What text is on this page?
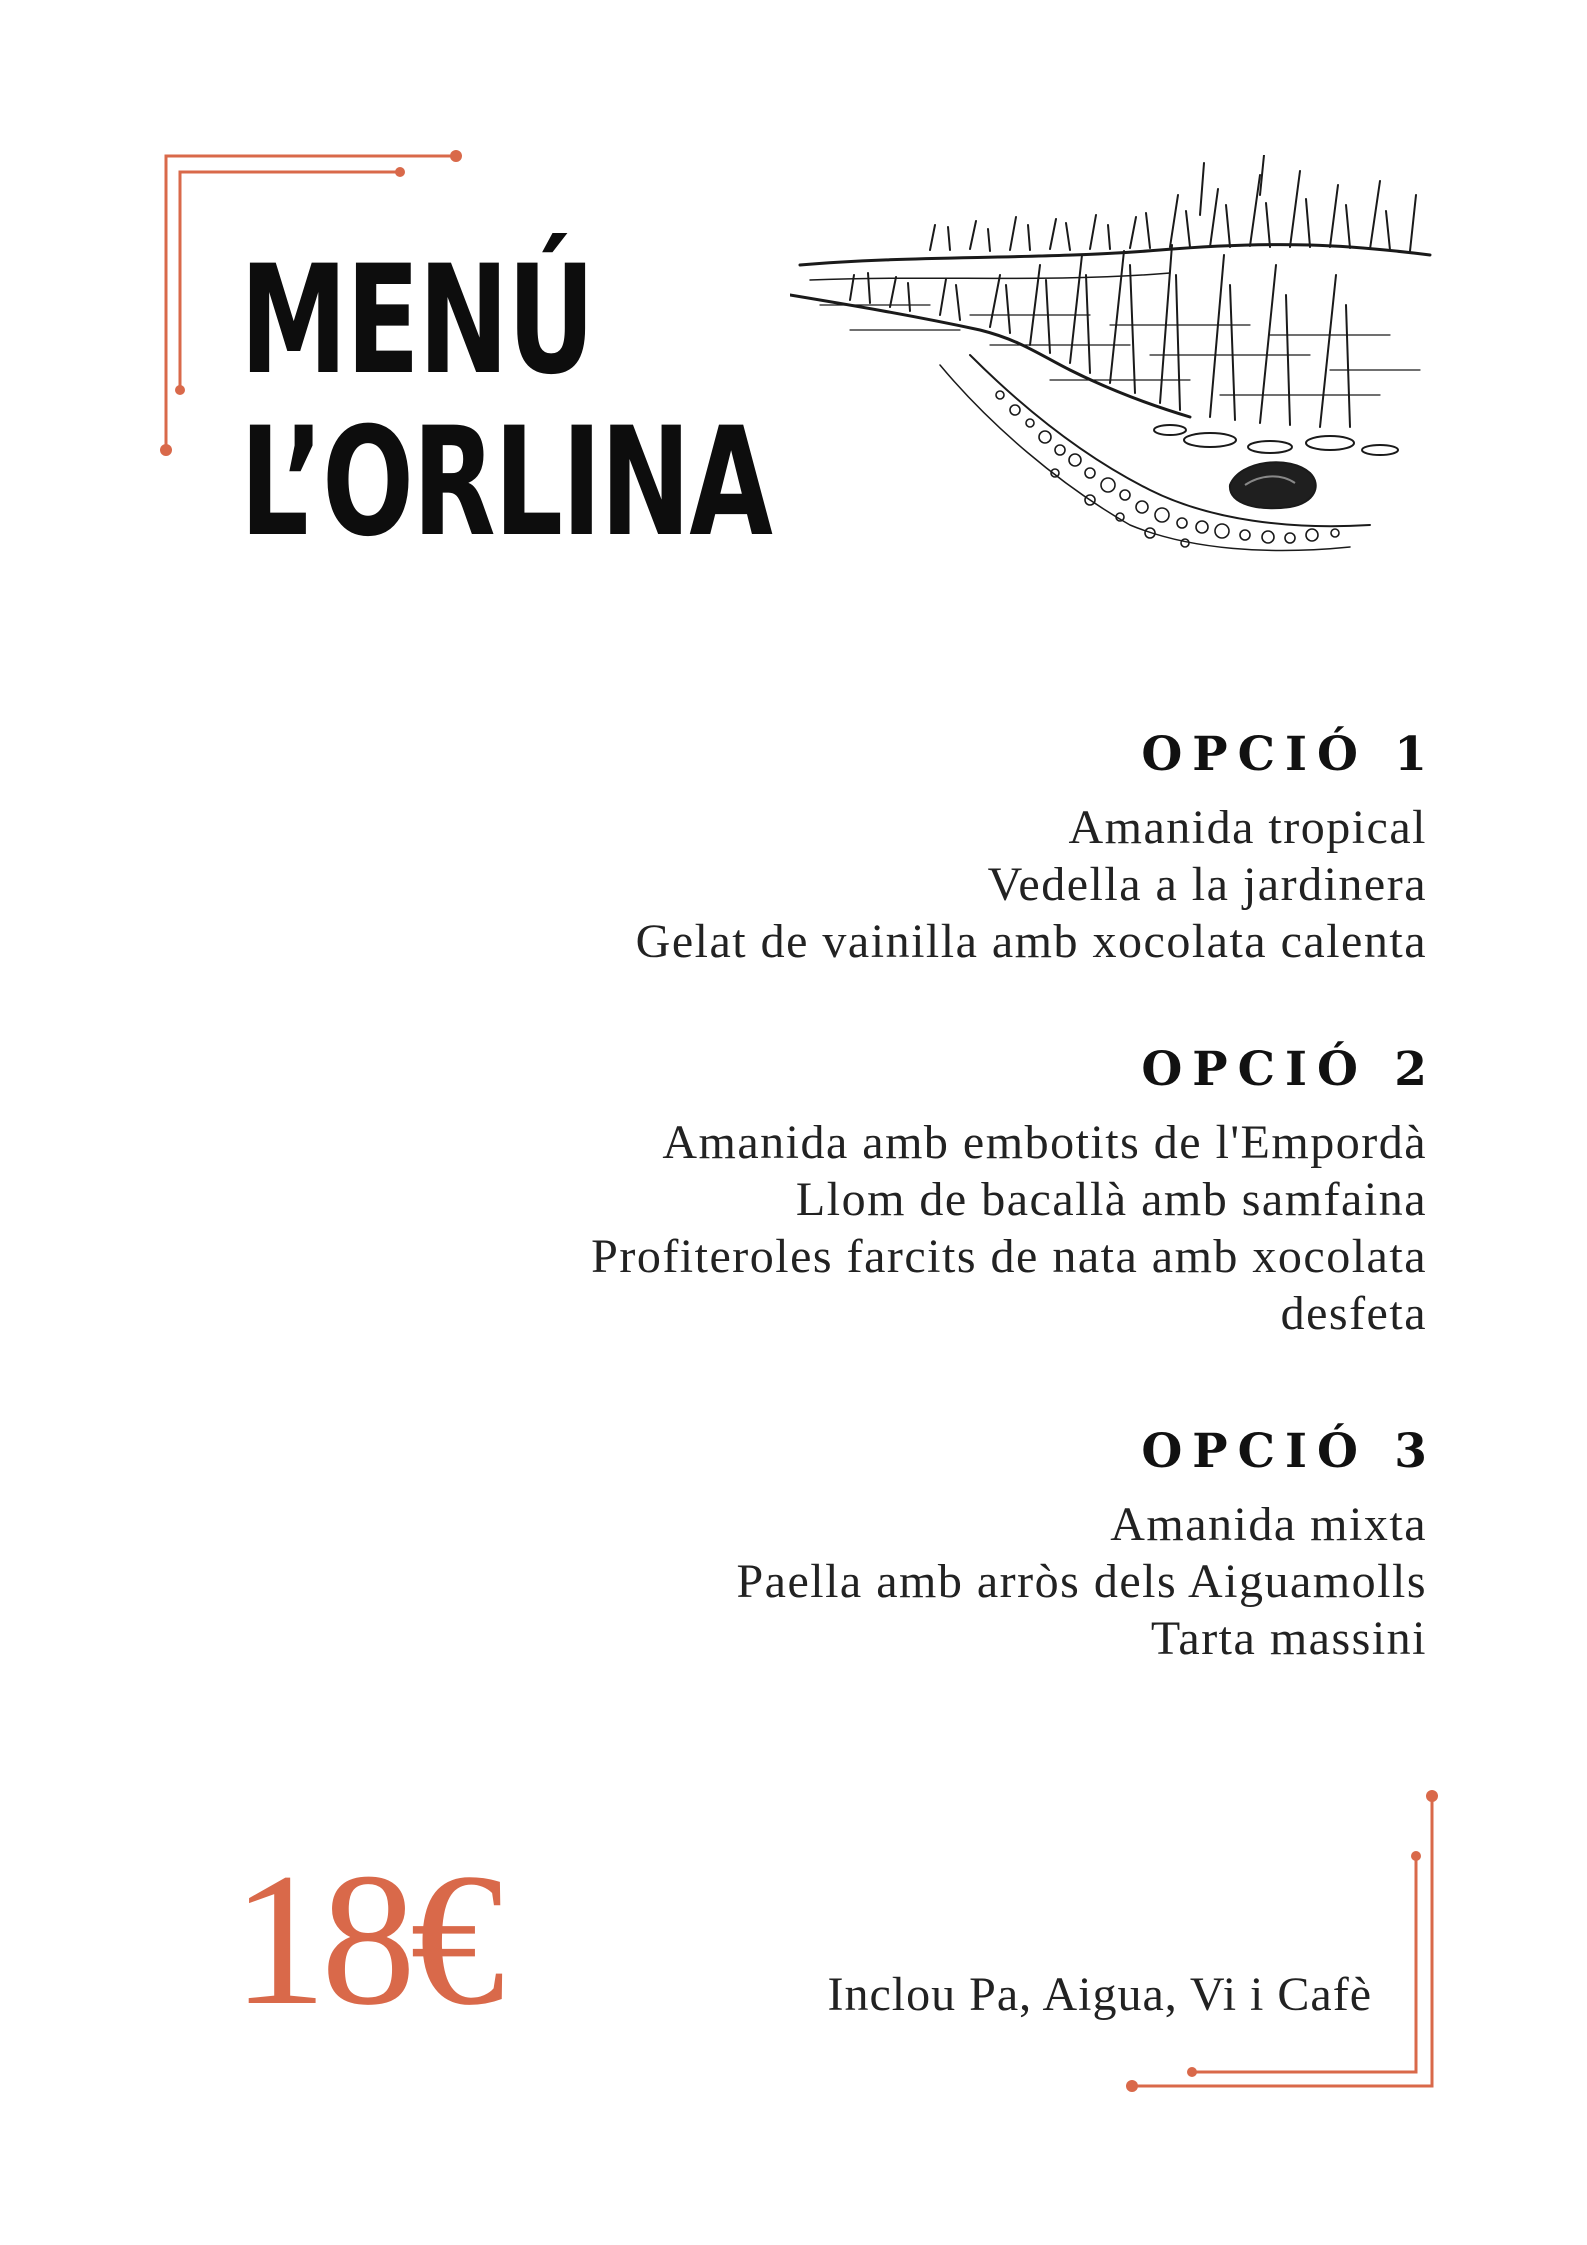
MENÚ
L’ORLINA
OPCIÓ 1
Amanida tropical
Vedella a la jardinera
Gelat de vainilla amb xocolata calenta
OPCIÓ 2
Amanida amb embotits de l'Empordà
Llom de bacallà amb samfaina
Profiteroles farcits de nata amb xocolata
desfeta
OPCIÓ 3
Amanida mixta
Paella amb arròs dels Aiguamolls
Tarta massini
18€	Inclou Pa, Aigua, Vi i Cafè
